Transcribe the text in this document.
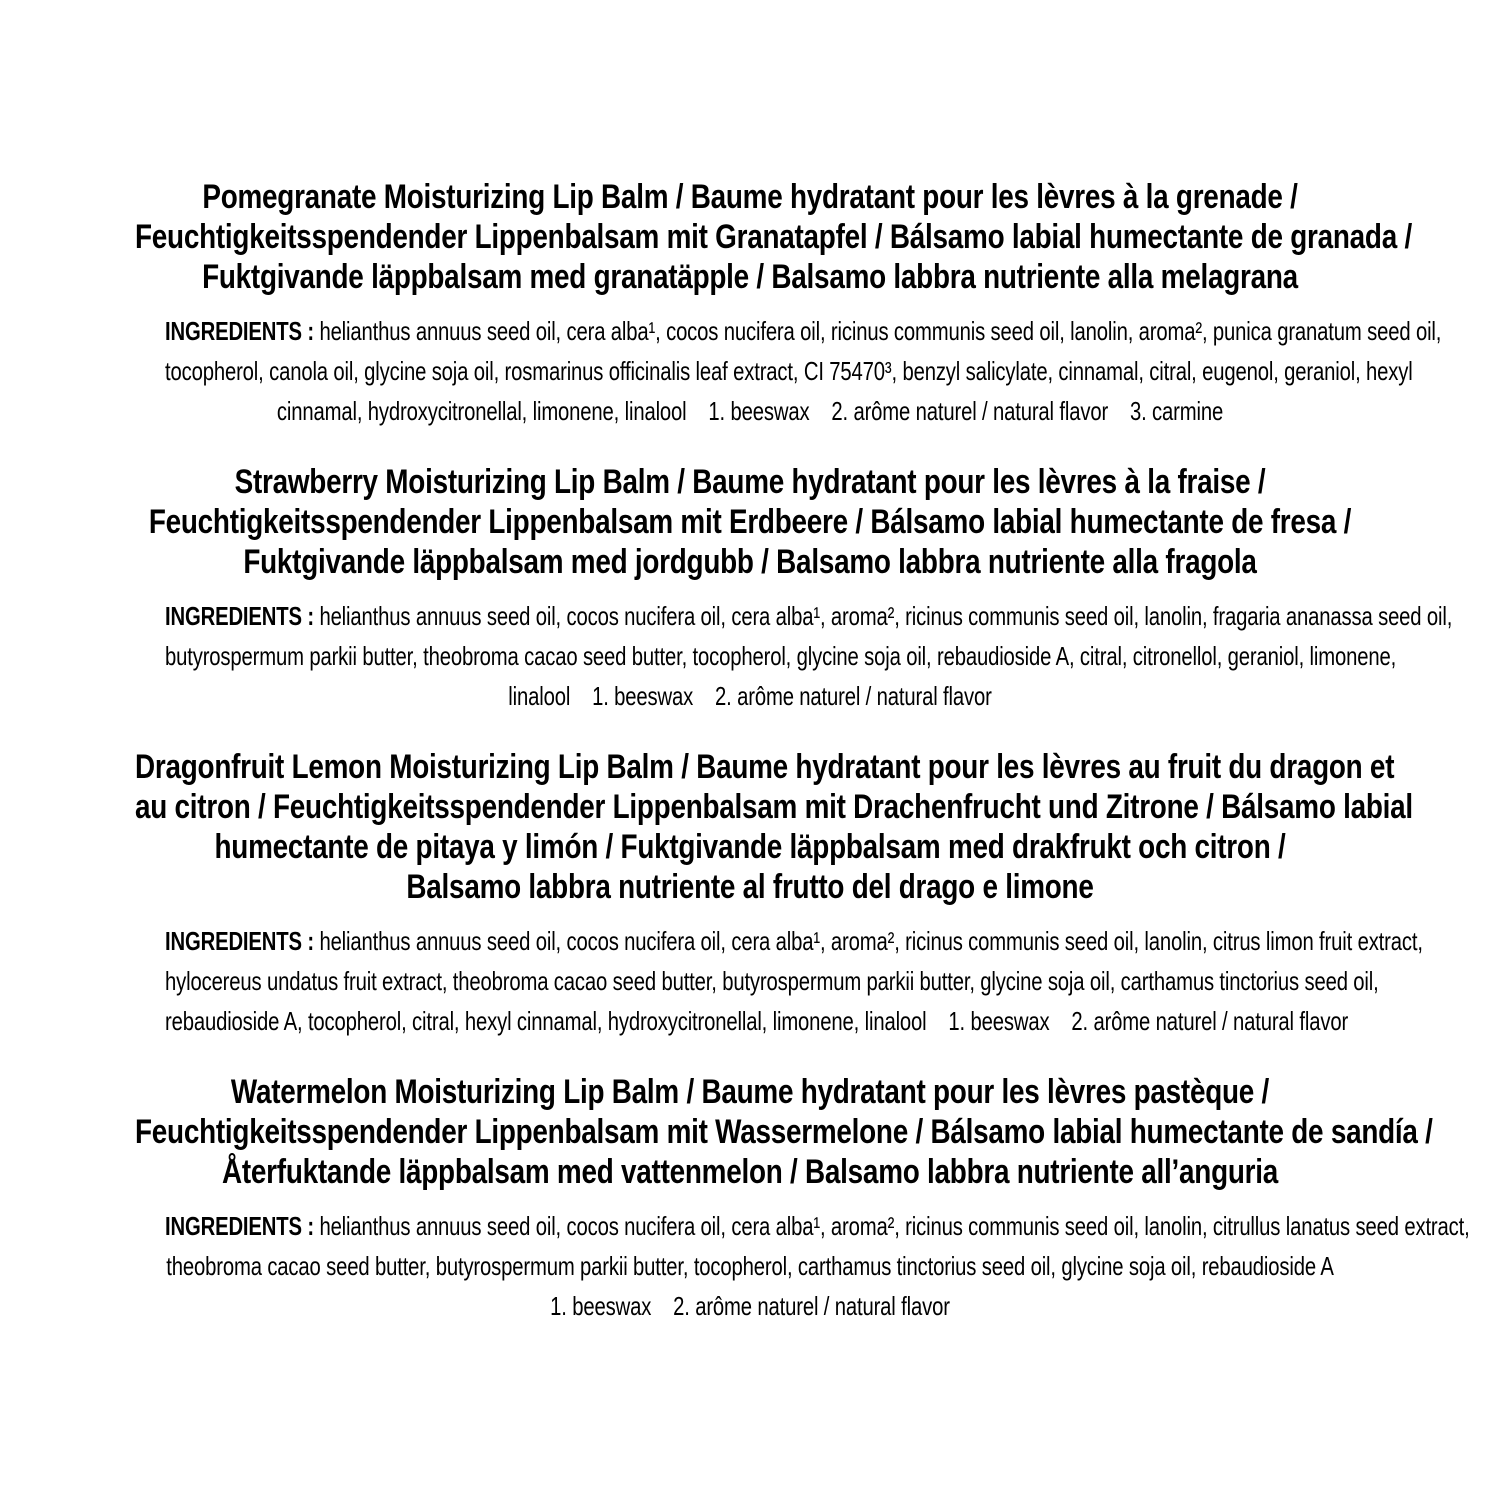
Pomegranate Moisturizing Lip Balm / Baume hydratant pour les lèvres à la grenade /
Feuchtigkeitsspendender Lippenbalsam mit Granatapfel / Bálsamo labial humectante de granada /
Fuktgivande läppbalsam med granatäpple / Balsamo labbra nutriente alla melagrana

INGREDIENTS : helianthus annuus seed oil, cera alba¹, cocos nucifera oil, ricinus communis seed oil, lanolin, aroma², punica granatum seed oil,
tocopherol, canola oil, glycine soja oil, rosmarinus officinalis leaf extract, CI 75470³, benzyl salicylate, cinnamal, citral, eugenol, geraniol, hexyl
cinnamal, hydroxycitronellal, limonene, linalool    1. beeswax    2. arôme naturel / natural flavor    3. carmine

Strawberry Moisturizing Lip Balm / Baume hydratant pour les lèvres à la fraise /
Feuchtigkeitsspendender Lippenbalsam mit Erdbeere / Bálsamo labial humectante de fresa /
Fuktgivande läppbalsam med jordgubb / Balsamo labbra nutriente alla fragola

INGREDIENTS : helianthus annuus seed oil, cocos nucifera oil, cera alba¹, aroma², ricinus communis seed oil, lanolin, fragaria ananassa seed oil,
butyrospermum parkii butter, theobroma cacao seed butter, tocopherol, glycine soja oil, rebaudioside A, citral, citronellol, geraniol, limonene,
linalool    1. beeswax    2. arôme naturel / natural flavor

Dragonfruit Lemon Moisturizing Lip Balm / Baume hydratant pour les lèvres au fruit du dragon et
au citron / Feuchtigkeitsspendender Lippenbalsam mit Drachenfrucht und Zitrone / Bálsamo labial
humectante de pitaya y limón / Fuktgivande läppbalsam med drakfrukt och citron /
Balsamo labbra nutriente al frutto del drago e limone

INGREDIENTS : helianthus annuus seed oil, cocos nucifera oil, cera alba¹, aroma², ricinus communis seed oil, lanolin, citrus limon fruit extract,
hylocereus undatus fruit extract, theobroma cacao seed butter, butyrospermum parkii butter, glycine soja oil, carthamus tinctorius seed oil,
rebaudioside A, tocopherol, citral, hexyl cinnamal, hydroxycitronellal, limonene, linalool    1. beeswax    2. arôme naturel / natural flavor

Watermelon Moisturizing Lip Balm / Baume hydratant pour les lèvres pastèque /
Feuchtigkeitsspendender Lippenbalsam mit Wassermelone / Bálsamo labial humectante de sandía /
Återfuktande läppbalsam med vattenmelon / Balsamo labbra nutriente all’anguria

INGREDIENTS : helianthus annuus seed oil, cocos nucifera oil, cera alba¹, aroma², ricinus communis seed oil, lanolin, citrullus lanatus seed extract,
theobroma cacao seed butter, butyrospermum parkii butter, tocopherol, carthamus tinctorius seed oil, glycine soja oil, rebaudioside A
1. beeswax    2. arôme naturel / natural flavor
